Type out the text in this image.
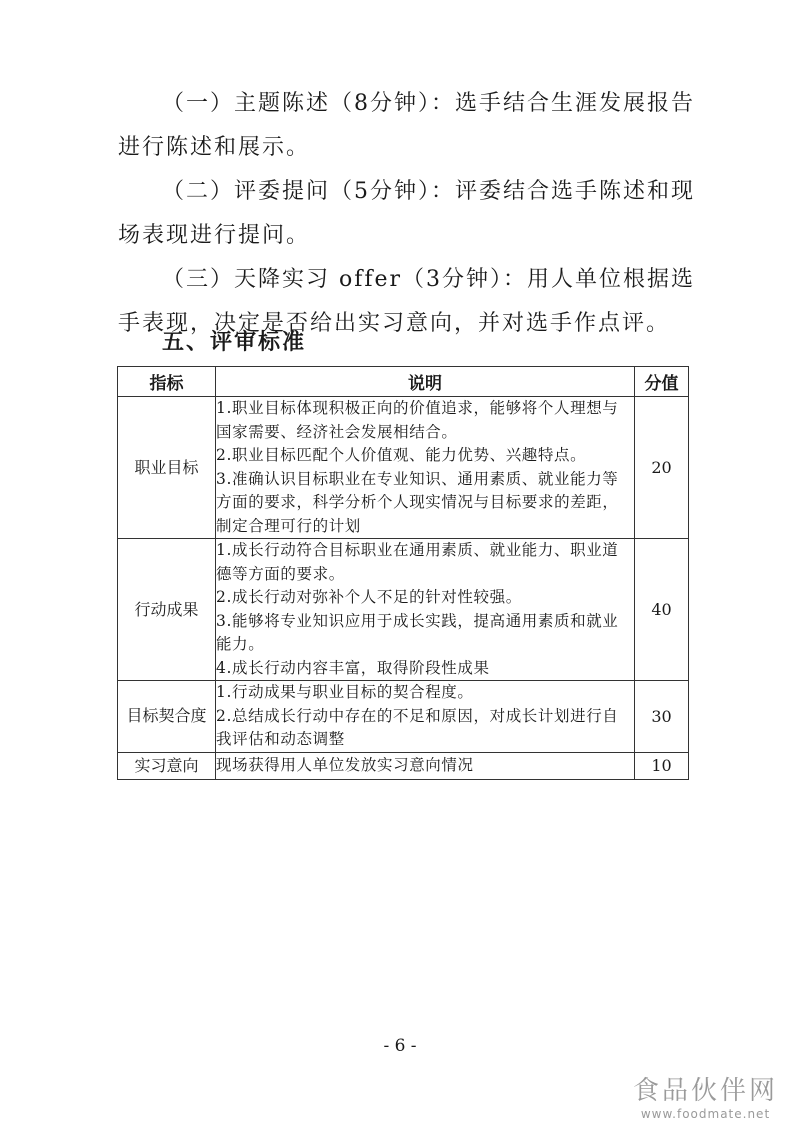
（一）主题陈述（8分钟）：选手结合生涯发展报告进行陈述和展示。

（二）评委提问（5分钟）：评委结合选手陈述和现场表现进行提问。

（三）天降实习 offer（3分钟）：用人单位根据选手表现，决定是否给出实习意向，并对选手作点评。

五、评审标准
指标	说明	分值
职业目标	1.职业目标体现积极正向的价值追求，能够将个人理想与国家需要、经济社会发展相结合。
2.职业目标匹配个人价值观、能力优势、兴趣特点。
3.准确认识目标职业在专业知识、通用素质、就业能力等方面的要求，科学分析个人现实情况与目标要求的差距，制定合理可行的计划	20
行动成果	1.成长行动符合目标职业在通用素质、就业能力、职业道德等方面的要求。
2.成长行动对弥补个人不足的针对性较强。
3.能够将专业知识应用于成长实践，提高通用素质和就业能力。
4.成长行动内容丰富，取得阶段性成果	40
目标契合度	1.行动成果与职业目标的契合程度。
2.总结成长行动中存在的不足和原因，对成长计划进行自我评估和动态调整	30
实习意向	现场获得用人单位发放实习意向情况	10
- 6 -
食品伙伴网
www.foodmate.net
